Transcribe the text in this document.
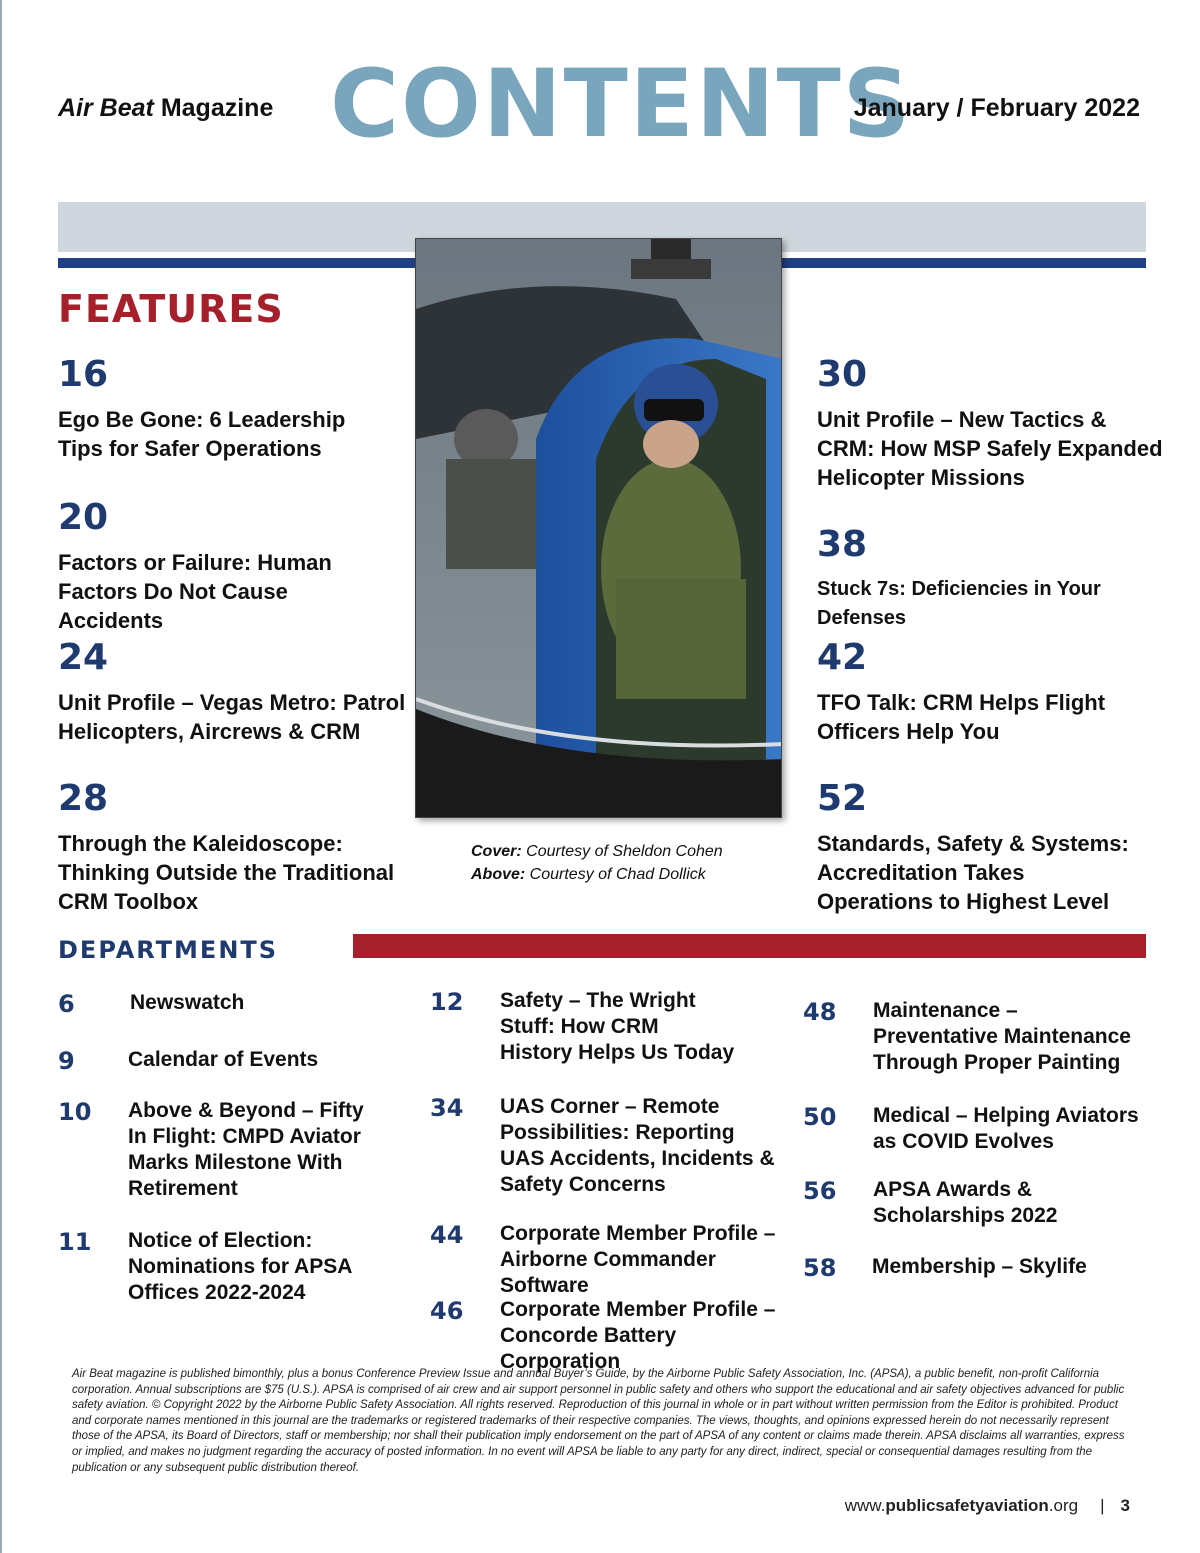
Air Beat Magazine CONTENTS
January / February 2022
FEATURES
16
Ego Be Gone: 6 Leadership Tips for Safer Operations
20
Factors or Failure: Human Factors Do Not Cause Accidents
24
Unit Profile – Vegas Metro: Patrol Helicopters, Aircrews & CRM
28
Through the Kaleidoscope: Thinking Outside the Traditional CRM Toolbox
30
Unit Profile – New Tactics & CRM: How MSP Safely Expanded Helicopter Missions
38
Stuck 7s: Deficiencies in Your Defenses
42
TFO Talk: CRM Helps Flight Officers Help You
52
Standards, Safety & Systems: Accreditation Takes Operations to Highest Level
Cover: Courtesy of Sheldon Cohen
Above: Courtesy of Chad Dollick
DEPARTMENTS
6	Newswatch
9	Calendar of Events
10 Above & Beyond – Fifty In Flight: CMPD Aviator Marks Milestone With Retirement
11 Notice of Election: Nominations for APSA Offices 2022-2024
12 Safety – The Wright Stuff: How CRM History Helps Us Today
34 UAS Corner – Remote Possibilities: Reporting UAS Accidents, Incidents & Safety Concerns
44 Corporate Member Profile – Airborne Commander Software
46 Corporate Member Profile – Concorde Battery Corporation
48 Maintenance – Preventative Maintenance Through Proper Painting
50 Medical – Helping Aviators as COVID Evolves
56 APSA Awards & Scholarships 2022
58 Membership – Skylife
Air Beat magazine is published bimonthly, plus a bonus Conference Preview Issue and annual Buyer’s Guide, by the Airborne Public Safety Association, Inc. (APSA), a public benefit, non-profit California corporation. Annual subscriptions are $75 (U.S.). APSA is comprised of air crew and air support personnel in public safety and others who support the educational and air safety objectives advanced for public safety aviation. © Copyright 2022 by the Airborne Public Safety Association. All rights reserved. Reproduction of this journal in whole or in part without written permission from the Editor is prohibited. Product and corporate names mentioned in this journal are the trademarks or registered trademarks of their respective companies. The views, thoughts, and opinions expressed herein do not necessarily represent those of the APSA, its Board of Directors, staff or membership; nor shall their publication imply endorsement on the part of APSA of any content or claims made therein. APSA disclaims all warranties, express or implied, and makes no judgment regarding the accuracy of posted information. In no event will APSA be liable to any party for any direct, indirect, special or consequential damages resulting from the publication or any subsequent public distribution thereof.
www.publicsafetyaviation.org | 3
